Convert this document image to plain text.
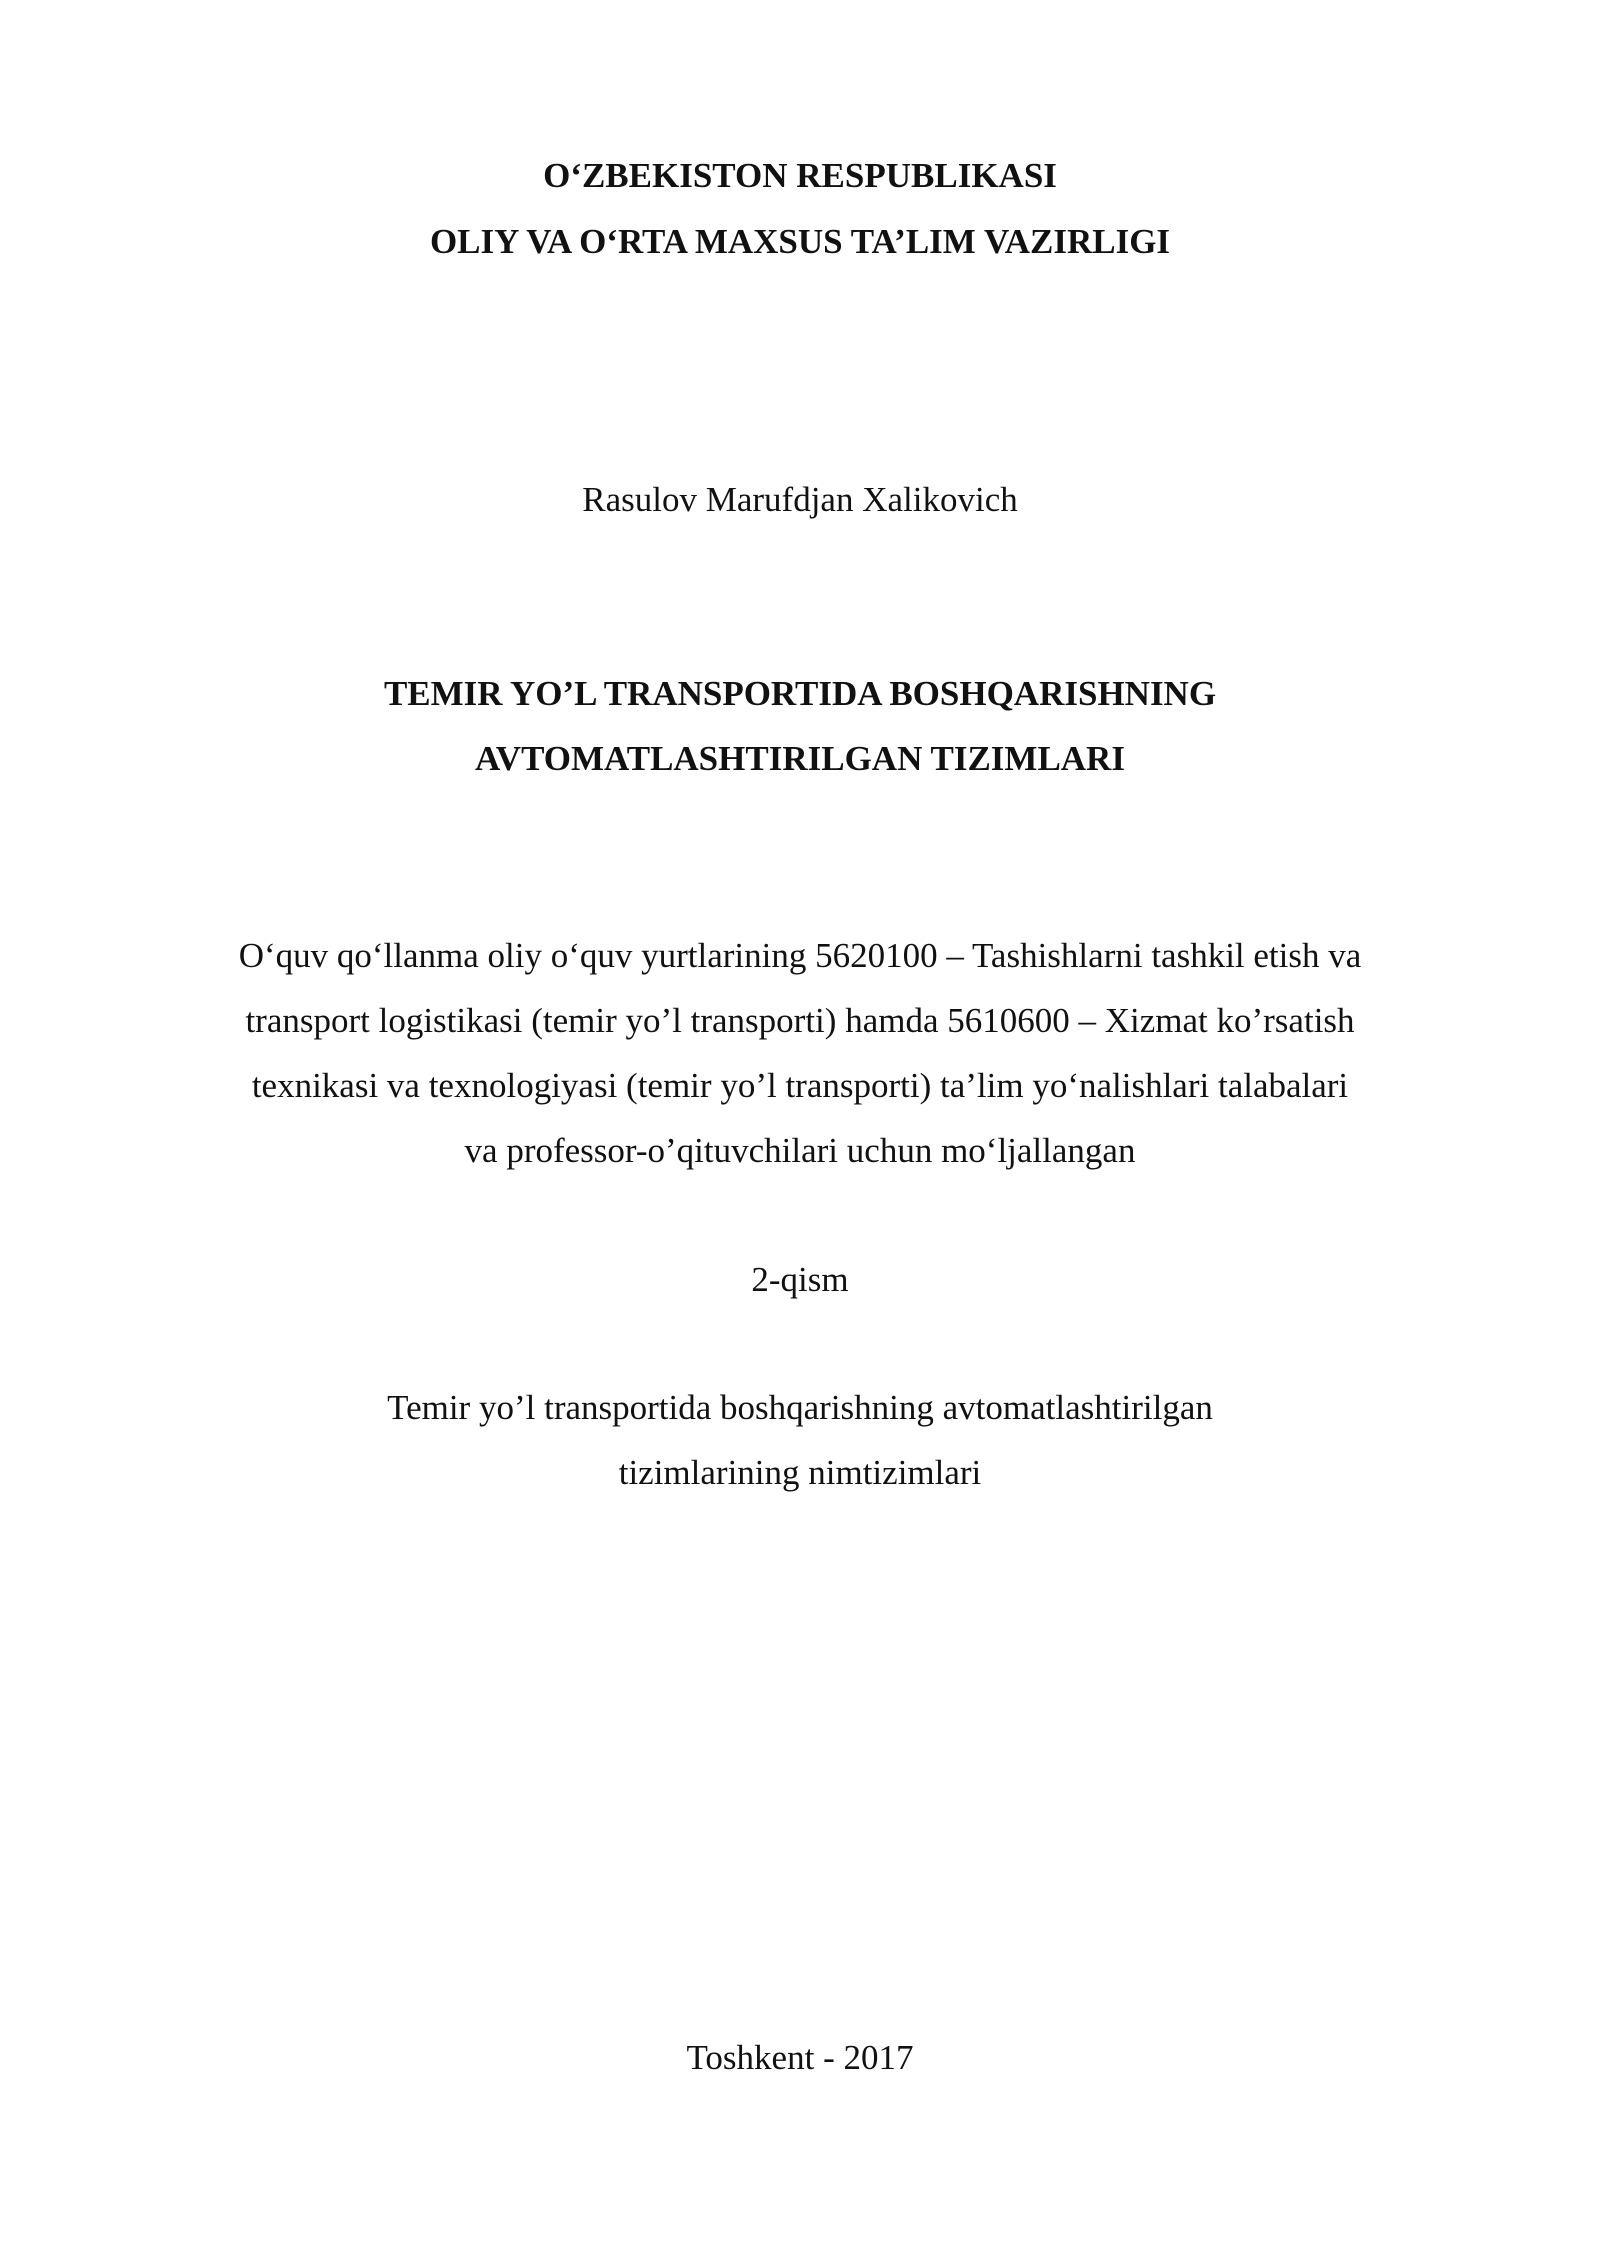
O‘ZBEKISTON RESPUBLIKASI
OLIY VA O‘RTA MAXSUS TA’LIM VAZIRLIGI
Rasulov Marufdjan Xalikovich
TEMIR YO’L TRANSPORTIDA BOSHQARISHNING
AVTOMATLASHTIRILGAN TIZIMLARI
O‘quv qo‘llanma oliy o‘quv yurtlarining 5620100 – Tashishlarni tashkil etish va
transport logistikasi (temir yo’l transporti) hamda 5610600 – Xizmat ko’rsatish
texnikasi va texnologiyasi (temir yo’l transporti) ta’lim yo‘nalishlari talabalari
va professor-o’qituvchilari uchun mo‘ljallangan
2-qism
Temir yo’l transportida boshqarishning avtomatlashtirilgan
tizimlarining nimtizimlari
Toshkent - 2017
